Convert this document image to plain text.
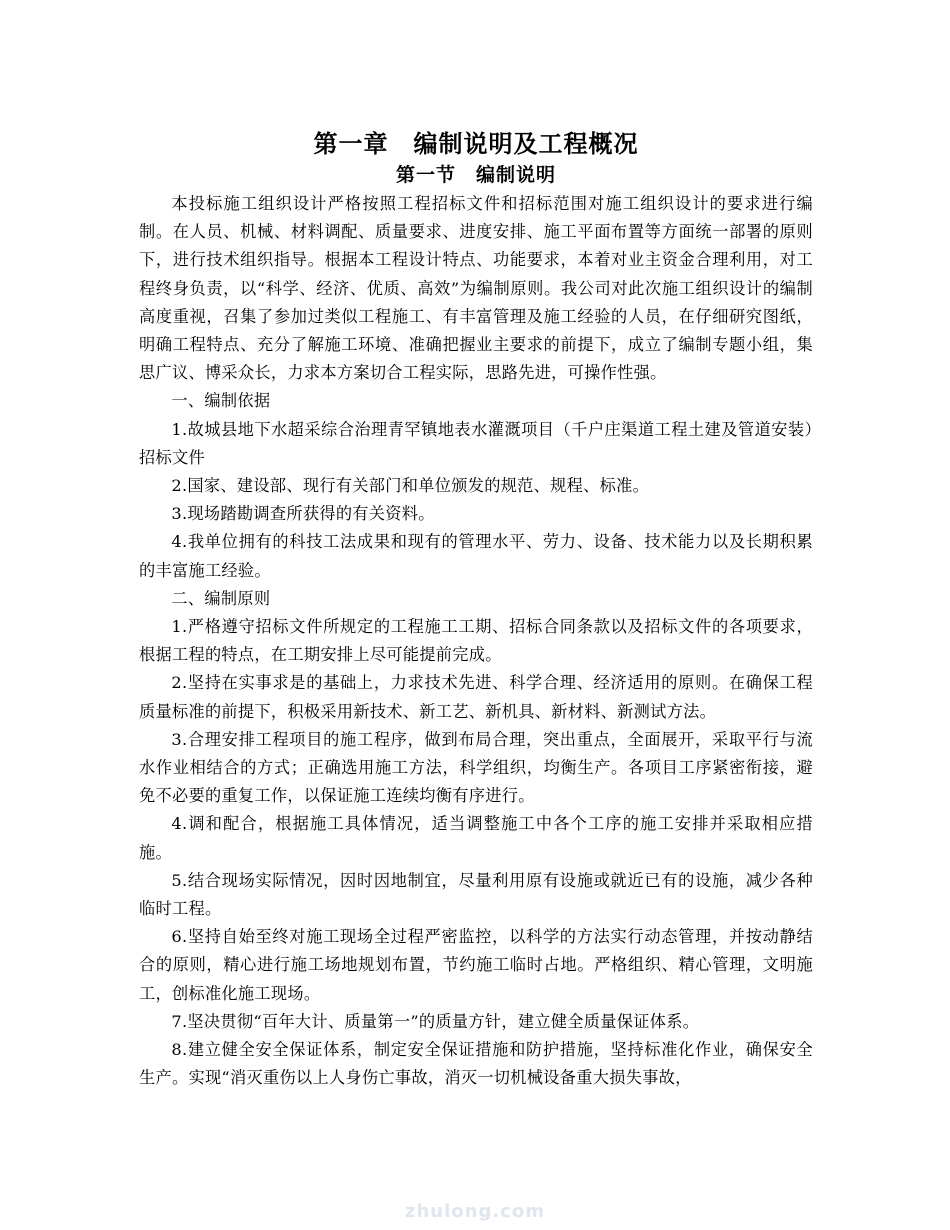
第一章　编制说明及工程概况
第一节　编制说明

本投标施工组织设计严格按照工程招标文件和招标范围对施工组织设计的要求进行编制。在人员、机械、材料调配、质量要求、进度安排、施工平面布置等方面统一部署的原则下，进行技术组织指导。根据本工程设计特点、功能要求，本着对业主资金合理利用，对工程终身负责，以“科学、经济、优质、高效”为编制原则。我公司对此次施工组织设计的编制高度重视，召集了参加过类似工程施工、有丰富管理及施工经验的人员，在仔细研究图纸，明确工程特点、充分了解施工环境、准确把握业主要求的前提下，成立了编制专题小组，集思广议、博采众长，力求本方案切合工程实际，思路先进，可操作性强。

一、编制依据

1.故城县地下水超采综合治理青罕镇地表水灌溉项目（千户庄渠道工程土建及管道安装）招标文件

2.国家、建设部、现行有关部门和单位颁发的规范、规程、标准。

3.现场踏勘调查所获得的有关资料。

4.我单位拥有的科技工法成果和现有的管理水平、劳力、设备、技术能力以及长期积累的丰富施工经验。

二、编制原则

1.严格遵守招标文件所规定的工程施工工期、招标合同条款以及招标文件的各项要求，根据工程的特点，在工期安排上尽可能提前完成。

2.坚持在实事求是的基础上，力求技术先进、科学合理、经济适用的原则。在确保工程质量标准的前提下，积极采用新技术、新工艺、新机具、新材料、新测试方法。

3.合理安排工程项目的施工程序，做到布局合理，突出重点，全面展开，采取平行与流水作业相结合的方式；正确选用施工方法，科学组织，均衡生产。各项目工序紧密衔接，避免不必要的重复工作，以保证施工连续均衡有序进行。

4.调和配合，根据施工具体情况，适当调整施工中各个工序的施工安排并采取相应措施。

5.结合现场实际情况，因时因地制宜，尽量利用原有设施或就近已有的设施，减少各种临时工程。

6.坚持自始至终对施工现场全过程严密监控，以科学的方法实行动态管理，并按动静结合的原则，精心进行施工场地规划布置，节约施工临时占地。严格组织、精心管理，文明施工，创标准化施工现场。

7.坚决贯彻“百年大计、质量第一”的质量方针，建立健全质量保证体系。

8.建立健全安全保证体系，制定安全保证措施和防护措施，坚持标准化作业，确保安全生产。实现“消灭重伤以上人身伤亡事故，消灭一切机械设备重大损失事故，

zhulong.com
